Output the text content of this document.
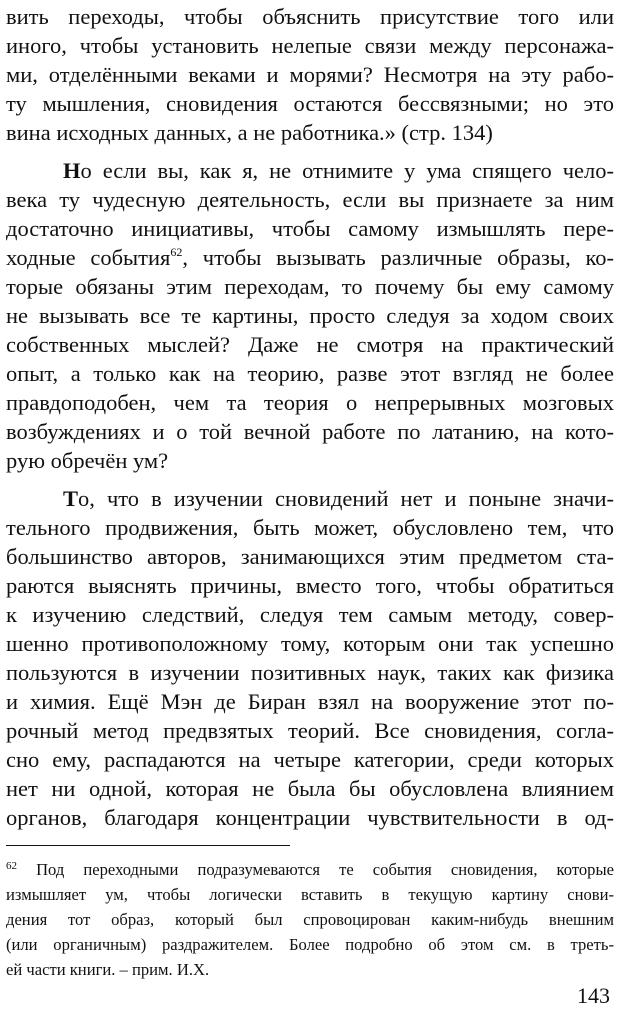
вить переходы, чтобы объяснить присутствие того или
иного, чтобы установить нелепые связи между персонажа-
ми, отделёнными веками и морями? Несмотря на эту рабо-
ту мышления, сновидения остаются бессвязными; но это
вина исходных данных, а не работника.» (стр. 134)
Но если вы, как я, не отнимите у ума спящего чело-
века ту чудесную деятельность, если вы признаете за ним
достаточно инициативы, чтобы самому измышлять пере-
ходные события$^{62}$, чтобы вызывать различные образы, ко-
торые обязаны этим переходам, то почему бы ему самому
не вызывать все те картины, просто следуя за ходом своих
собственных мыслей? Даже не смотря на практический
опыт, а только как на теорию, разве этот взгляд не более
правдоподобен, чем та теория о непрерывных мозговых
возбуждениях и о той вечной работе по латанию, на кото-
рую обречён ум?
То, что в изучении сновидений нет и поныне значи-
тельного продвижения, быть может, обусловлено тем, что
большинство авторов, занимающихся этим предметом ста-
раются выяснять причины, вместо того, чтобы обратиться
к изучению следствий, следуя тем самым методу, совер-
шенно противоположному тому, которым они так успешно
пользуются в изучении позитивных наук, таких как физика
и химия. Ещё Мэн де Биран взял на вооружение этот по-
рочный метод предвзятых теорий. Все сновидения, согла-
сно ему, распадаются на четыре категории, среди которых
нет ни одной, которая не была бы обусловлена влиянием
органов, благодаря концентрации чувствительности в од-
$^{62}$ Под переходными подразумеваются те события сновидения, которые
измышляет ум, чтобы логически вставить в текущую картину снови-
дения тот образ, который был спровоцирован каким-нибудь внешним
(или органичным) раздражителем. Более подробно об этом см. в треть-
ей части книги. – прим. И.Х.
143
